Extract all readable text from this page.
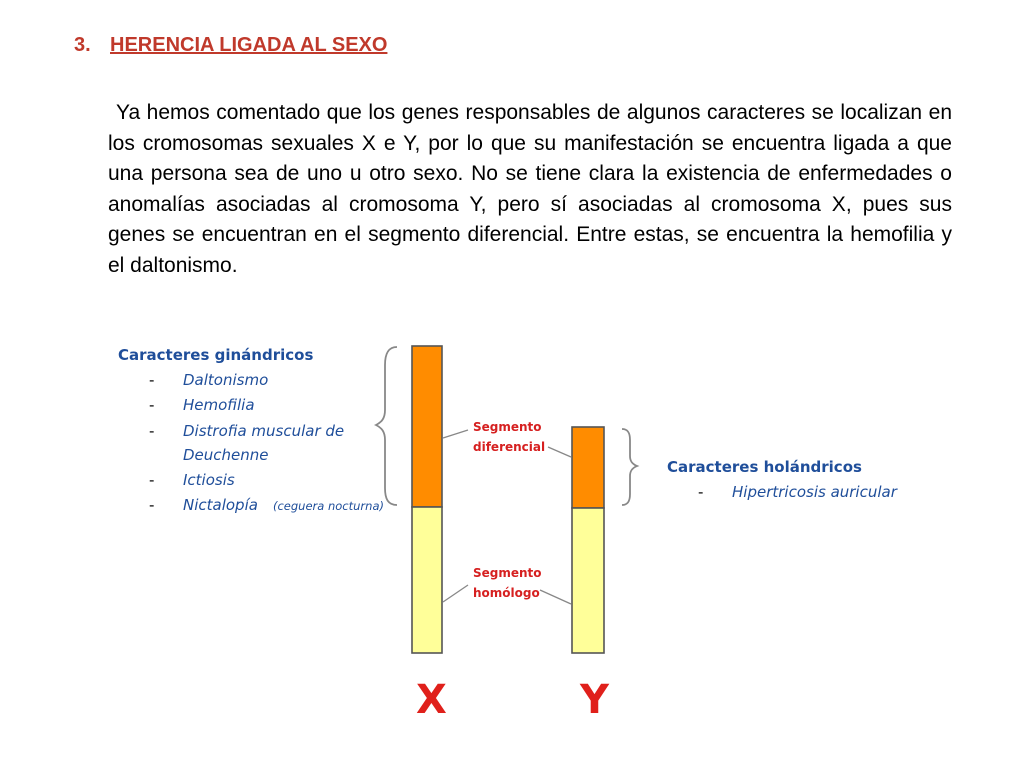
3. HERENCIA LIGADA AL SEXO

Ya hemos comentado que los genes responsables de algunos caracteres se localizan en los cromosomas sexuales X e Y, por lo que su manifestación se encuentra ligada a que una persona sea de uno u otro sexo. No se tiene clara la existencia de enfermedades o anomalías asociadas al cromosoma Y, pero sí asociadas al cromosoma X, pues sus genes se encuentran en el segmento diferencial. Entre estas, se encuentra la hemofilia y el daltonismo.

Caracteres ginándricos
- Daltonismo
- Hemofilia
- Distrofia muscular de
Deuchenne
- Ictiosis
- Nictalopía (ceguera nocturna)
Segmento
diferencial
Segmento
homólogo
Caracteres holándricos
- Hipertricosis auricular
X	Y
